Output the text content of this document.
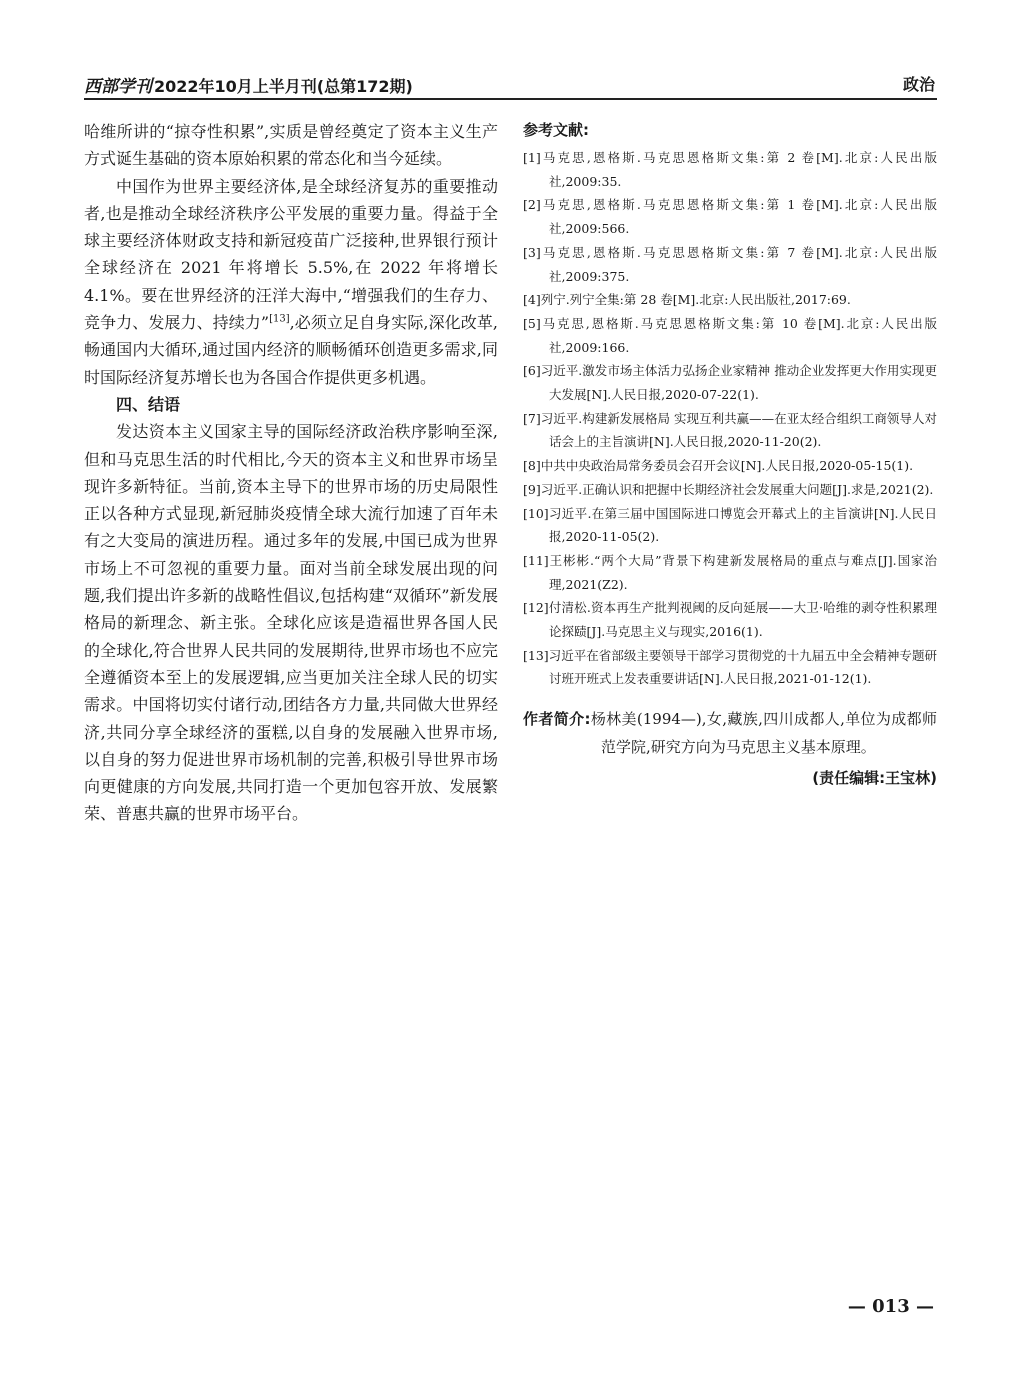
西部学刊 2022年10月上半月刊(总第172期)	政治

哈维所讲的“掠夺性积累”,实质是曾经奠定了资本主义生产方式诞生基础的资本原始积累的常态化和当今延续。

中国作为世界主要经济体,是全球经济复苏的重要推动者,也是推动全球经济秩序公平发展的重要力量。得益于全球主要经济体财政支持和新冠疫苗广泛接种,世界银行预计全球经济在 2021 年将增长 5.5%,在 2022 年将增长 4.1%。要在世界经济的汪洋大海中,“增强我们的生存力、竞争力、发展力、持续力”[13],必须立足自身实际,深化改革,畅通国内大循环,通过国内经济的顺畅循环创造更多需求,同时国际经济复苏增长也为各国合作提供更多机遇。

四、结语

发达资本主义国家主导的国际经济政治秩序影响至深,但和马克思生活的时代相比,今天的资本主义和世界市场呈现许多新特征。当前,资本主导下的世界市场的历史局限性正以各种方式显现,新冠肺炎疫情全球大流行加速了百年未有之大变局的演进历程。通过多年的发展,中国已成为世界市场上不可忽视的重要力量。面对当前全球发展出现的问题,我们提出许多新的战略性倡议,包括构建“双循环”新发展格局的新理念、新主张。全球化应该是造福世界各国人民的全球化,符合世界人民共同的发展期待,世界市场也不应完全遵循资本至上的发展逻辑,应当更加关注全球人民的切实需求。中国将切实付诸行动,团结各方力量,共同做大世界经济,共同分享全球经济的蛋糕,以自身的发展融入世界市场,以自身的努力促进世界市场机制的完善,积极引导世界市场向更健康的方向发展,共同打造一个更加包容开放、发展繁荣、普惠共赢的世界市场平台。

参考文献:
[1]马克思,恩格斯.马克思恩格斯文集:第 2 卷[M].北京:人民出版社,2009:35.
[2]马克思,恩格斯.马克思恩格斯文集:第 1 卷[M].北京:人民出版社,2009:566.
[3]马克思,恩格斯.马克思恩格斯文集:第 7 卷[M].北京:人民出版社,2009:375.
[4]列宁.列宁全集:第 28 卷[M].北京:人民出版社,2017:69.
[5]马克思,恩格斯.马克思恩格斯文集:第 10 卷[M].北京:人民出版社,2009:166.
[6]习近平.激发市场主体活力弘扬企业家精神 推动企业发挥更大作用实现更大发展[N].人民日报,2020-07-22(1).
[7]习近平.构建新发展格局 实现互利共赢——在亚太经合组织工商领导人对话会上的主旨演讲[N].人民日报,2020-11-20(2).
[8]中共中央政治局常务委员会召开会议[N].人民日报,2020-05-15(1).
[9]习近平.正确认识和把握中长期经济社会发展重大问题[J].求是,2021(2).
[10]习近平.在第三届中国国际进口博览会开幕式上的主旨演讲[N].人民日报,2020-11-05(2).
[11]王彬彬.“两个大局”背景下构建新发展格局的重点与难点[J].国家治理,2021(Z2).
[12]付清松.资本再生产批判视阈的反向延展——大卫·哈维的剥夺性积累理论探赜[J].马克思主义与现实,2016(1).
[13]习近平在省部级主要领导干部学习贯彻党的十九届五中全会精神专题研讨班开班式上发表重要讲话[N].人民日报,2021-01-12(1).
作者简介:杨林美(1994—),女,藏族,四川成都人,单位为成都师范学院,研究方向为马克思主义基本原理。
(责任编辑:王宝林)
— 013 —
